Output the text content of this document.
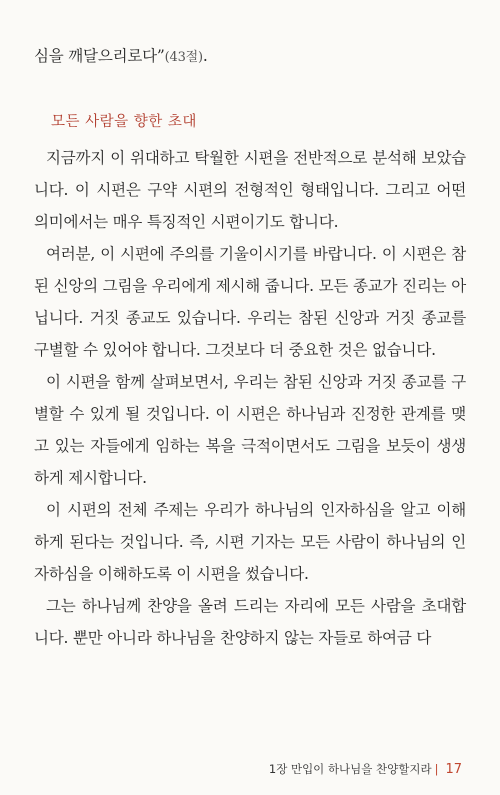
심을 깨달으리로다”(43절).
모든 사람을 향한 초대

지금까지 이 위대하고 탁월한 시편을 전반적으로 분석해 보았습니다. 이 시편은 구약 시편의 전형적인 형태입니다. 그리고 어떤 의미에서는 매우 특징적인 시편이기도 합니다.

여러분, 이 시편에 주의를 기울이시기를 바랍니다. 이 시편은 참된 신앙의 그림을 우리에게 제시해 줍니다. 모든 종교가 진리는 아닙니다. 거짓 종교도 있습니다. 우리는 참된 신앙과 거짓 종교를 구별할 수 있어야 합니다. 그것보다 더 중요한 것은 없습니다.

이 시편을 함께 살펴보면서, 우리는 참된 신앙과 거짓 종교를 구별할 수 있게 될 것입니다. 이 시편은 하나님과 진정한 관계를 맺고 있는 자들에게 임하는 복을 극적이면서도 그림을 보듯이 생생하게 제시합니다.

이 시편의 전체 주제는 우리가 하나님의 인자하심을 알고 이해하게 된다는 것입니다. 즉, 시편 기자는 모든 사람이 하나님의 인자하심을 이해하도록 이 시편을 썼습니다.

그는 하나님께 찬양을 올려 드리는 자리에 모든 사람을 초대합니다. 뿐만 아니라 하나님을 찬양하지 않는 자들로 하여금 다

1장 만입이 하나님을 찬양할지라 | 17
